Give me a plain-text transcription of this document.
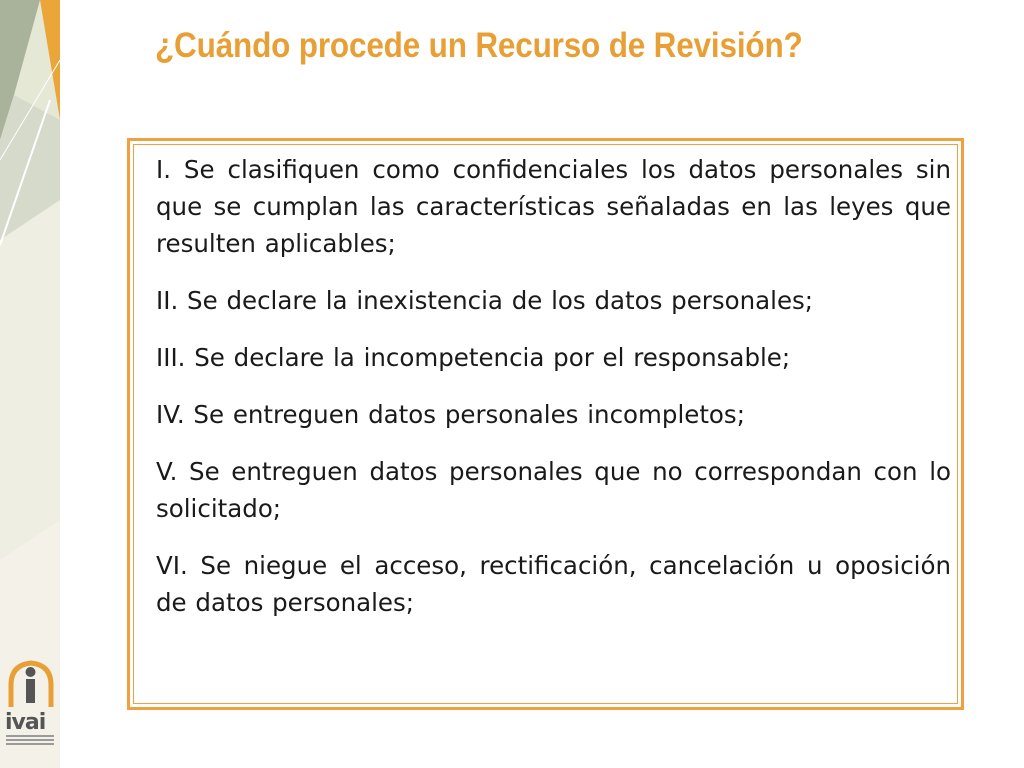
¿Cuándo procede un Recurso de Revisión?
I. Se clasifiquen como confidenciales los datos personales sin que se cumplan las características señaladas en las leyes que resulten aplicables;
II. Se declare la inexistencia de los datos personales;
III. Se declare la incompetencia por el responsable;
IV. Se entreguen datos personales incompletos;
V. Se entreguen datos personales que no correspondan con lo solicitado;
VI. Se niegue el acceso, rectificación, cancelación u oposición de datos personales;
ivai
